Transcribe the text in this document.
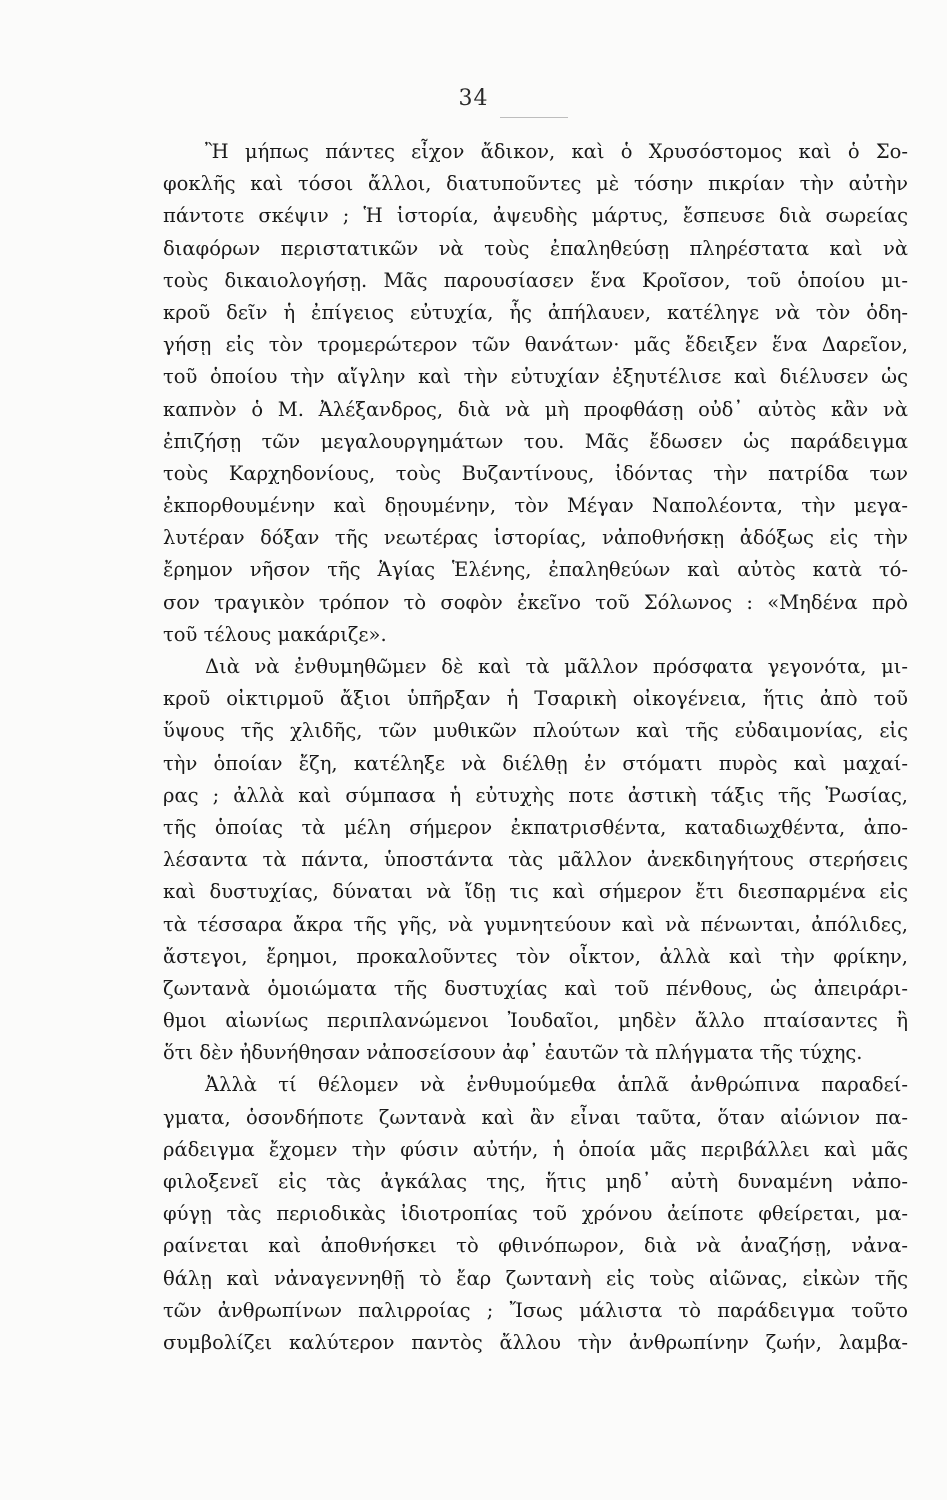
34
Ἢ μήπως πάντες εἶχον ἄδικον, καὶ ὁ Χρυσόστομος καὶ ὁ Σο-
φοκλῆς καὶ τόσοι ἄλλοι, διατυποῦντες μὲ τόσην πικρίαν τὴν αὐτὴν
πάντοτε σκέψιν ; Ἡ ἱστορία, ἀψευδὴς μάρτυς, ἔσπευσε διὰ σωρείας
διαφόρων περιστατικῶν νὰ τοὺς ἐπαληθεύσῃ πληρέστατα καὶ νὰ
τοὺς δικαιολογήσῃ. Μᾶς παρουσίασεν ἕνα Κροῖσον, τοῦ ὁποίου μι-
κροῦ δεῖν ἡ ἐπίγειος εὐτυχία, ἧς ἀπήλαυεν, κατέληγε νὰ τὸν ὁδη-
γήσῃ εἰς τὸν τρομερώτερον τῶν θανάτων· μᾶς ἔδειξεν ἕνα Δαρεῖον,
τοῦ ὁποίου τὴν αἴγλην καὶ τὴν εὐτυχίαν ἐξηυτέλισε καὶ διέλυσεν ὡς
καπνὸν ὁ Μ. Ἀλέξανδρος, διὰ νὰ μὴ προφθάσῃ οὐδ᾿ αὐτὸς κἂν νὰ
ἐπιζήσῃ τῶν μεγαλουργημάτων του. Μᾶς ἔδωσεν ὡς παράδειγμα
τοὺς Καρχηδονίους, τοὺς Βυζαντίνους, ἰδόντας τὴν πατρίδα των
ἐκπορθουμένην καὶ δῃουμένην, τὸν Μέγαν Ναπολέοντα, τὴν μεγα-
λυτέραν δόξαν τῆς νεωτέρας ἱστορίας, νἀποθνήσκῃ ἀδόξως εἰς τὴν
ἔρημον νῆσον τῆς Ἁγίας Ἑλένης, ἐπαληθεύων καὶ αὐτὸς κατὰ τό-
σον τραγικὸν τρόπον τὸ σοφὸν ἐκεῖνο τοῦ Σόλωνος : «Μηδένα πρὸ
τοῦ τέλους μακάριζε».
Διὰ νὰ ἐνθυμηθῶμεν δὲ καὶ τὰ μᾶλλον πρόσφατα γεγονότα, μι-
κροῦ οἰκτιρμοῦ ἄξιοι ὑπῆρξαν ἡ Τσαρικὴ οἰκογένεια, ἥτις ἀπὸ τοῦ
ὕψους τῆς χλιδῆς, τῶν μυθικῶν πλούτων καὶ τῆς εὐδαιμονίας, εἰς
τὴν ὁποίαν ἔζη, κατέληξε νὰ διέλθῃ ἐν στόματι πυρὸς καὶ μαχαί-
ρας ; ἀλλὰ καὶ σύμπασα ἡ εὐτυχὴς ποτε ἀστικὴ τάξις τῆς Ῥωσίας,
τῆς ὁποίας τὰ μέλη σήμερον ἐκπατρισθέντα, καταδιωχθέντα, ἀπο-
λέσαντα τὰ πάντα, ὑποστάντα τὰς μᾶλλον ἀνεκδιηγήτους στερήσεις
καὶ δυστυχίας, δύναται νὰ ἴδῃ τις καὶ σήμερον ἔτι διεσπαρμένα εἰς
τὰ τέσσαρα ἄκρα τῆς γῆς, νὰ γυμνητεύουν καὶ νὰ πένωνται, ἀπόλιδες,
ἄστεγοι, ἔρημοι, προκαλοῦντες τὸν οἶκτον, ἀλλὰ καὶ τὴν φρίκην,
ζωντανὰ ὁμοιώματα τῆς δυστυχίας καὶ τοῦ πένθους, ὡς ἀπειράρι-
θμοι αἰωνίως περιπλανώμενοι Ἰουδαῖοι, μηδὲν ἄλλο πταίσαντες ἢ
ὅτι δὲν ἠδυνήθησαν νἀποσείσουν ἀφ᾿ ἑαυτῶν τὰ πλήγματα τῆς τύχης.
Ἀλλὰ τί θέλομεν νὰ ἐνθυμούμεθα ἁπλᾶ ἀνθρώπινα παραδεί-
γματα, ὁσονδήποτε ζωντανὰ καὶ ἂν εἶναι ταῦτα, ὅταν αἰώνιον πα-
ράδειγμα ἔχομεν τὴν φύσιν αὐτήν, ἡ ὁποία μᾶς περιβάλλει καὶ μᾶς
φιλοξενεῖ εἰς τὰς ἀγκάλας της, ἥτις μηδ᾿ αὐτὴ δυναμένη νἀπο-
φύγῃ τὰς περιοδικὰς ἰδιοτροπίας τοῦ χρόνου ἀείποτε φθείρεται, μα-
ραίνεται καὶ ἀποθνήσκει τὸ φθινόπωρον, διὰ νὰ ἀναζήσῃ, νἀνα-
θάλῃ καὶ νἀναγεννηθῇ τὸ ἔαρ ζωντανὴ εἰς τοὺς αἰῶνας, εἰκὼν τῆς
τῶν ἀνθρωπίνων παλιρροίας ; Ἴσως μάλιστα τὸ παράδειγμα τοῦτο
συμβολίζει καλύτερον παντὸς ἄλλου τὴν ἀνθρωπίνην ζωήν, λαμβα-
